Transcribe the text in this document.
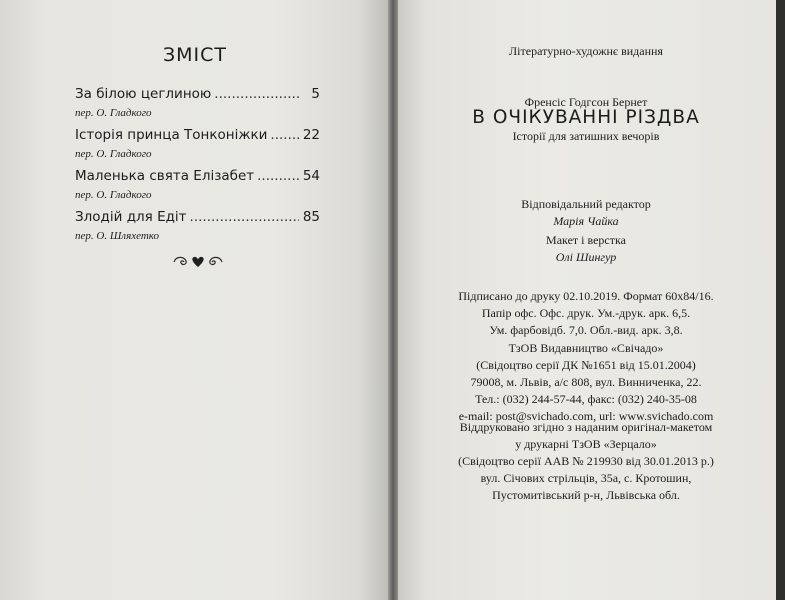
ЗМІСТ
За білою цеглиною .....	5
пер. О. Гладкого
Історія принца Тонконіжки .....	22
пер. О. Гладкого
Маленька свята Елізабет .....	54
пер. О. Гладкого
Злодій для Едіт .....	85
пер. О. Шляхетко
Літературно-художнє видання
Френсіс Годгсон Бернет
В ОЧІКУВАННІ РІЗДВА
Історії для затишних вечорів
Відповідальний редактор
Марія Чайка
Макет і верстка
Олі Шингур
Підписано до друку 02.10.2019. Формат 60x84/16.
Папір офс. Офс. друк. Ум.-друк. арк. 6,5.
Ум. фарбовідб. 7,0. Обл.-вид. арк. 3,8.
ТзОВ Видавництво «Свічадо»
(Свідоцтво серії ДК №1651 від 15.01.2004)
79008, м. Львів, а/с 808, вул. Винниченка, 22.
Тел.: (032) 244-57-44, факс: (032) 240-35-08
e-mail: post@svichado.com, url: www.svichado.com
Віддруковано згідно з наданим оригінал-макетом
у друкарні ТзОВ «Зерцало»
(Свідоцтво серії ААВ № 219930 від 30.01.2013 р.)
вул. Січових стрільців, 35а, с. Кротошин,
Пустомитівський р-н, Львівська обл.
